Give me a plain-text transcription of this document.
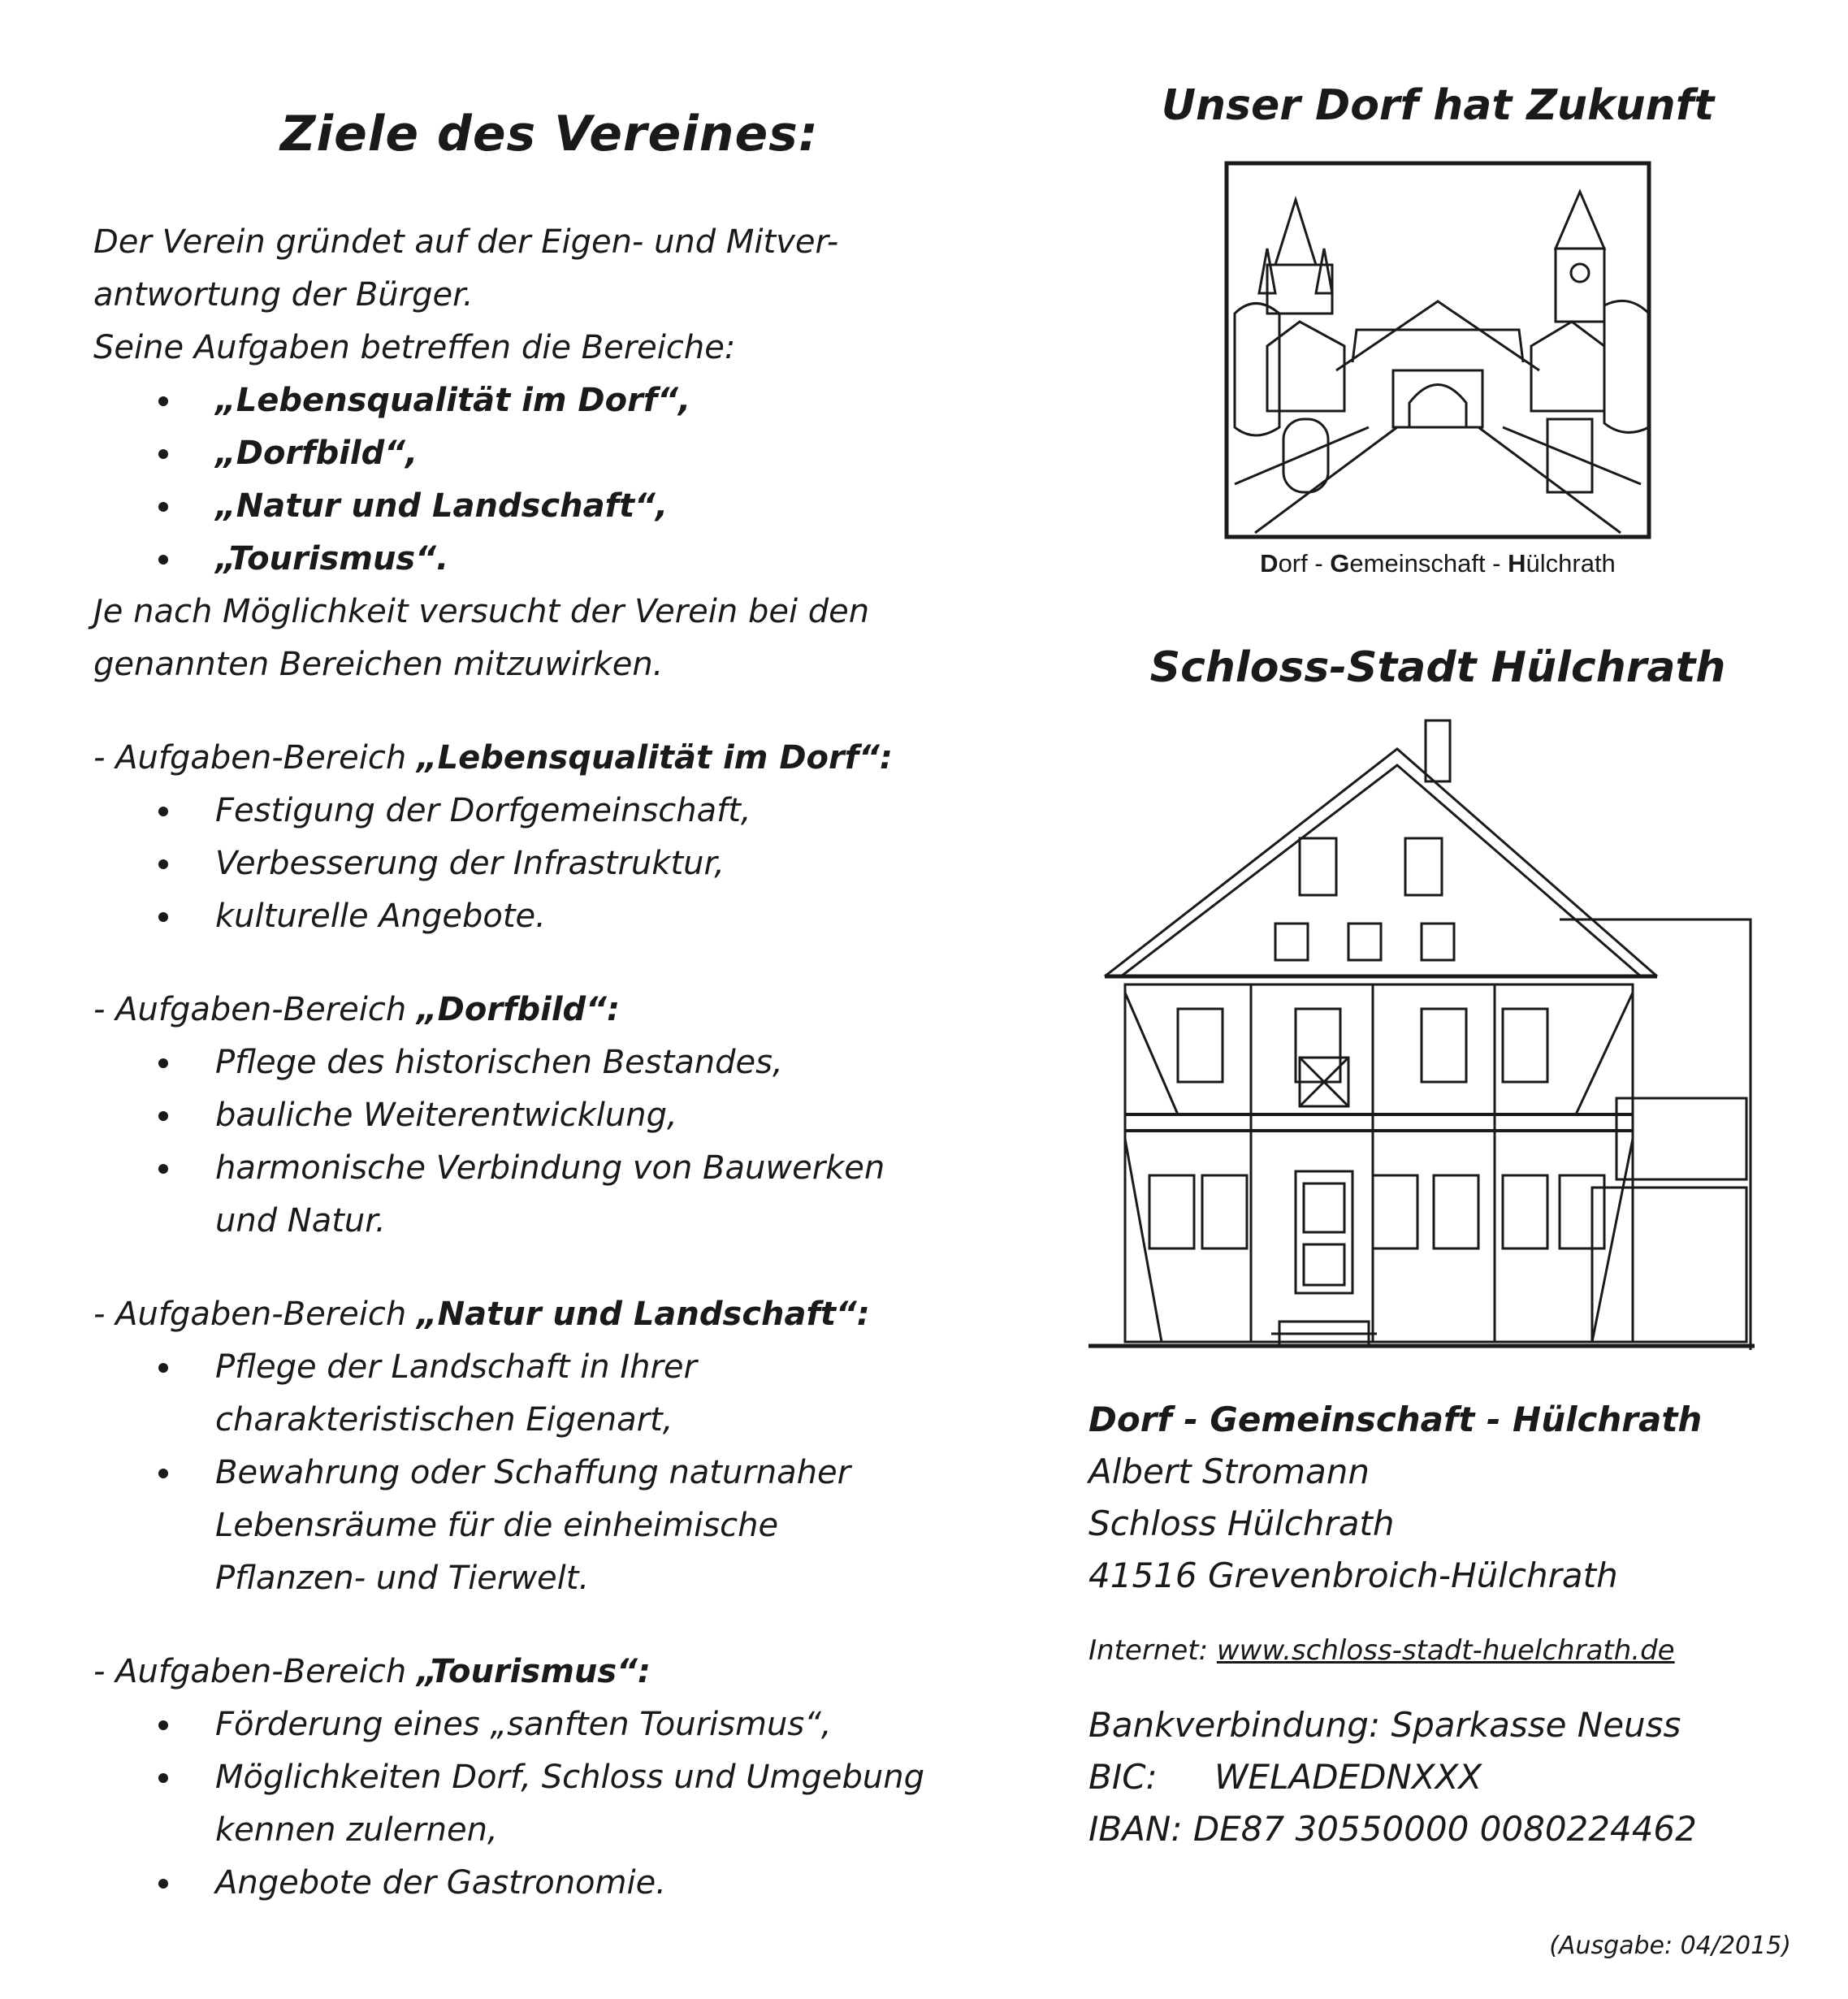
Ziele des Vereines:
Der Verein gründet auf der Eigen- und Mitver-
antwortung der Bürger.
Seine Aufgaben betreffen die Bereiche:
„Lebensqualität im Dorf“,
„Dorfbild“,
„Natur und Landschaft“,
„Tourismus“.
Je nach Möglichkeit versucht der Verein bei den
genannten Bereichen mitzuwirken.
- Aufgaben-Bereich „Lebensqualität im Dorf“:
Festigung der Dorfgemeinschaft,
Verbesserung der Infrastruktur,
kulturelle Angebote.
- Aufgaben-Bereich „Dorfbild“:
Pflege des historischen Bestandes,
bauliche Weiterentwicklung,
harmonische Verbindung von Bauwerken
und Natur.
- Aufgaben-Bereich „Natur und Landschaft“:
Pflege der Landschaft in Ihrer
charakteristischen Eigenart,
Bewahrung oder Schaffung naturnaher
Lebensräume für die einheimische
Pflanzen- und Tierwelt.
- Aufgaben-Bereich „Tourismus“:
Förderung eines „sanften Tourismus“,
Möglichkeiten Dorf, Schloss und Umgebung
kennen zulernen,
Angebote der Gastronomie.
Unser Dorf hat Zukunft
Dorf - Gemeinschaft - Hülchrath
Schloss-Stadt Hülchrath
Dorf - Gemeinschaft - Hülchrath
Albert Stromann
Schloss Hülchrath
41516 Grevenbroich-Hülchrath
Internet: www.schloss-stadt-huelchrath.de
Bankverbindung: Sparkasse Neuss
BIC: WELADEDNXXX
IBAN: DE87 30550000 0080224462
(Ausgabe: 04/2015)
